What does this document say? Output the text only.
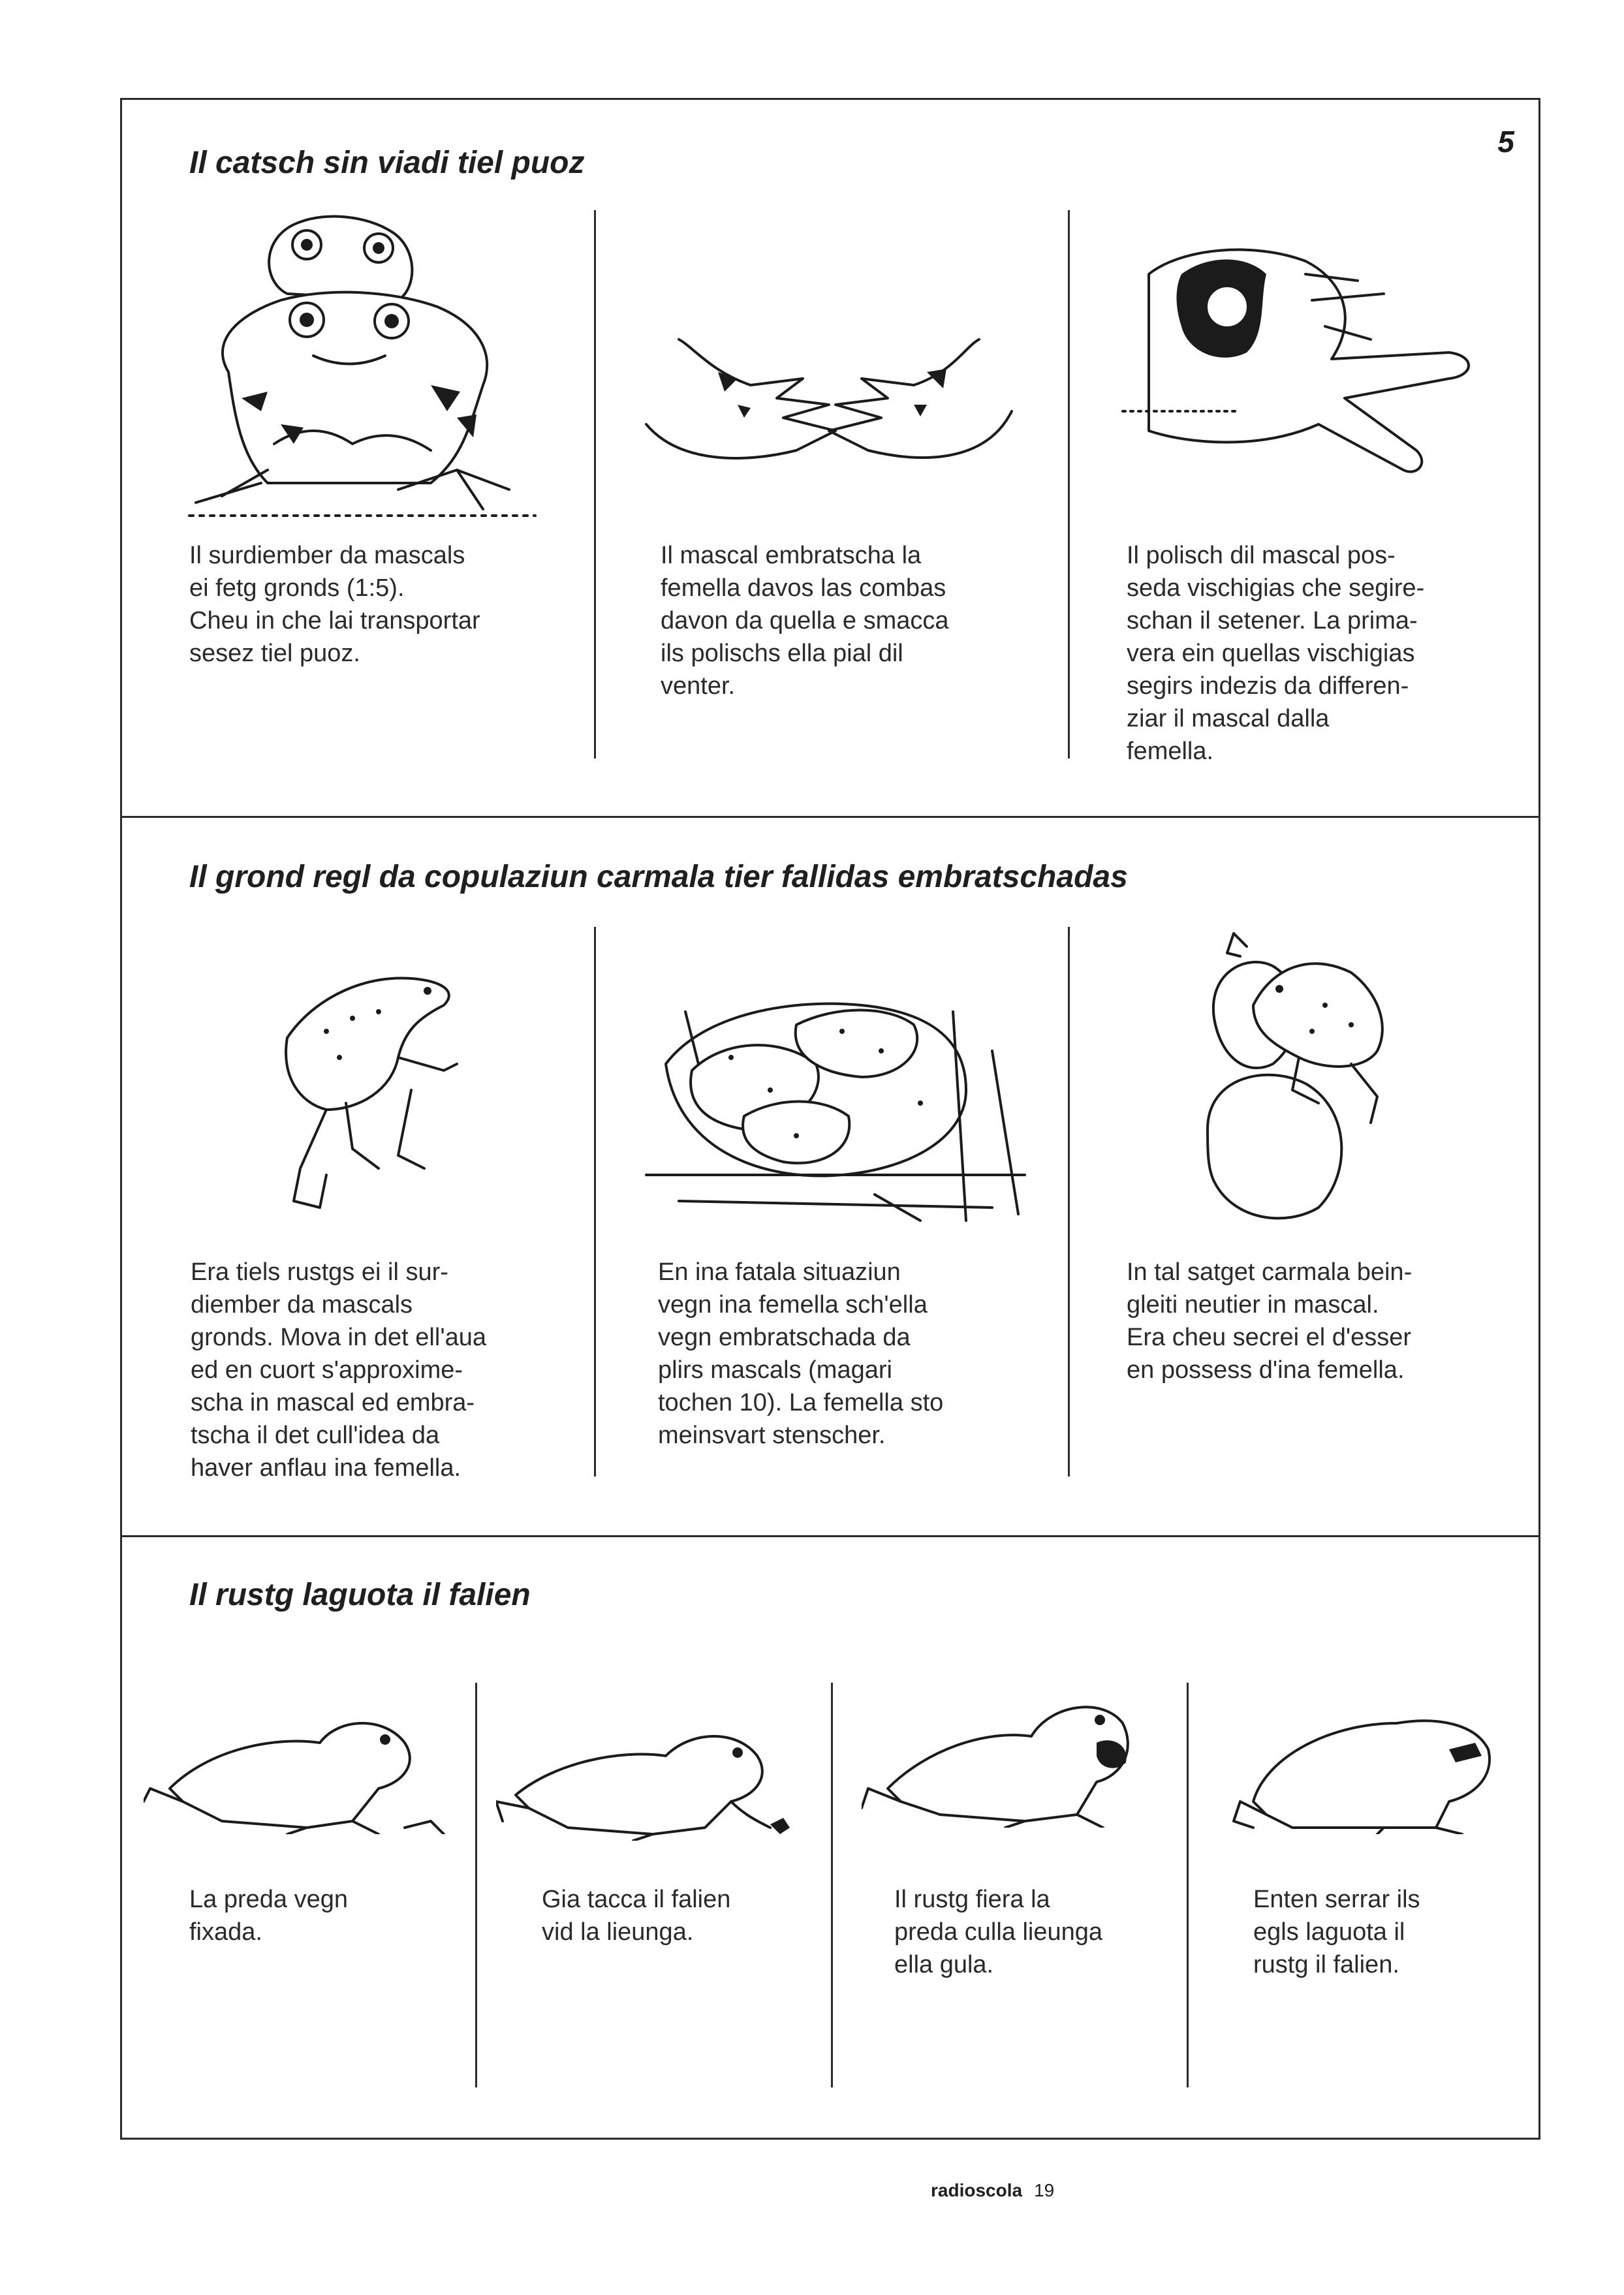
5
Il catsch sin viadi tiel puoz
Il surdiember da mascals
ei fetg gronds (1:5).
Cheu in che lai transportar
sesez tiel puoz.
Il mascal embratscha la
femella davos las combas
davon da quella e smacca
ils polischs ella pial dil
venter.
Il polisch dil mascal pos-
seda vischigias che segire-
schan il setener. La prima-
vera ein quellas vischigias
segirs indezis da differen-
ziar il mascal dalla
femella.
Il grond regl da copulaziun carmala tier fallidas embratschadas
Era tiels rustgs ei il sur-
diember da mascals
gronds. Mova in det ell'aua
ed en cuort s'approxime-
scha in mascal ed embra-
tscha il det cull'idea da
haver anflau ina femella.
En ina fatala situaziun
vegn ina femella sch'ella
vegn embratschada da
plirs mascals (magari
tochen 10). La femella sto
meinsvart stenscher.
In tal satget carmala bein-
gleiti neutier in mascal.
Era cheu secrei el d'esser
en possess d'ina femella.
Il rustg laguota il falien
La preda vegn
fixada.
Gia tacca il falien
vid la lieunga.
Il rustg fiera la
preda culla lieunga
ella gula.
Enten serrar ils
egls laguota il
rustg il falien.
radioscola 19
